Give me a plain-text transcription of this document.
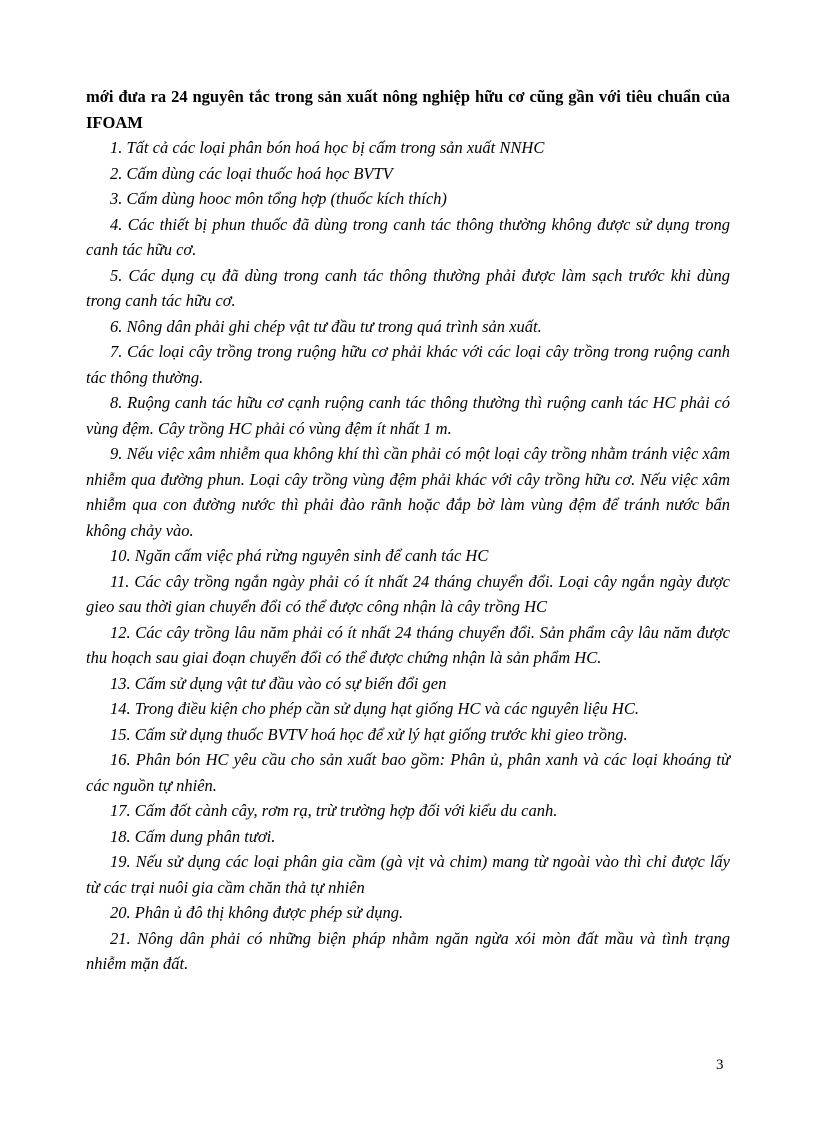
mới đưa ra 24 nguyên tắc trong sản xuất nông nghiệp hữu cơ cũng gần với tiêu chuẩn của IFOAM

1. Tất cả các loại phân bón hoá học bị cấm trong sản xuất NNHC
2. Cấm dùng các loại thuốc hoá học BVTV
3. Cấm dùng hooc môn tổng hợp (thuốc kích thích)
4. Các thiết bị phun thuốc đã dùng trong canh tác thông thường không được sử dụng trong canh tác hữu cơ.
5. Các dụng cụ đã dùng trong canh tác thông thường phải được làm sạch trước khi dùng trong canh tác hữu cơ.
6. Nông dân phải ghi chép vật tư đầu tư trong quá trình sản xuất.
7. Các loại cây trồng trong ruộng hữu cơ phải khác với các loại cây trồng trong ruộng canh tác thông thường.
8. Ruộng canh tác hữu cơ cạnh ruộng canh tác thông thường thì ruộng canh tác HC phải có vùng đệm. Cây trồng HC phải có vùng đệm ít nhất 1 m.
9. Nếu việc xâm nhiễm qua không khí thì cần phải có một loại cây trồng nhằm tránh việc xâm nhiễm qua đường phun. Loại cây trồng vùng đệm phải khác với cây trồng hữu cơ. Nếu việc xâm nhiễm qua con đường nước thì phải đào rãnh hoặc đắp bờ làm vùng đệm để tránh nước bẩn không chảy vào.
10. Ngăn cấm việc phá rừng nguyên sinh để canh tác HC
11. Các cây trồng ngắn ngày phải có ít nhất 24 tháng chuyển đổi. Loại cây ngắn ngày được gieo sau thời gian chuyển đổi có thể được công nhận là cây trồng HC
12. Các cây trồng lâu năm phải có ít nhất 24 tháng chuyển đổi. Sản phẩm cây lâu năm được thu hoạch sau giai đoạn chuyển đổi có thể được chứng nhận là sản phẩm HC.
13. Cấm sử dụng vật tư đầu vào có sự biến đổi gen
14. Trong điều kiện cho phép cần sử dụng hạt giống HC và các nguyên liệu HC.
15. Cấm sử dụng thuốc BVTV hoá học để xử lý hạt giống trước khi gieo trồng.
16. Phân bón HC yêu cầu cho sản xuất bao gồm: Phân ủ, phân xanh và các loại khoáng từ các nguồn tự nhiên.
17. Cấm đốt cành cây, rơm rạ, trừ trường hợp đối với kiểu du canh.
18. Cấm dung phân tươi.
19. Nếu sử dụng các loại phân gia cầm (gà vịt và chim) mang từ ngoài vào thì chỉ được lấy từ các trại nuôi gia cầm chăn thả tự nhiên
20. Phân ủ đô thị không được phép sử dụng.
21. Nông dân phải có những biện pháp nhằm ngăn ngừa xói mòn đất mầu và tình trạng nhiễm mặn đất.
3
